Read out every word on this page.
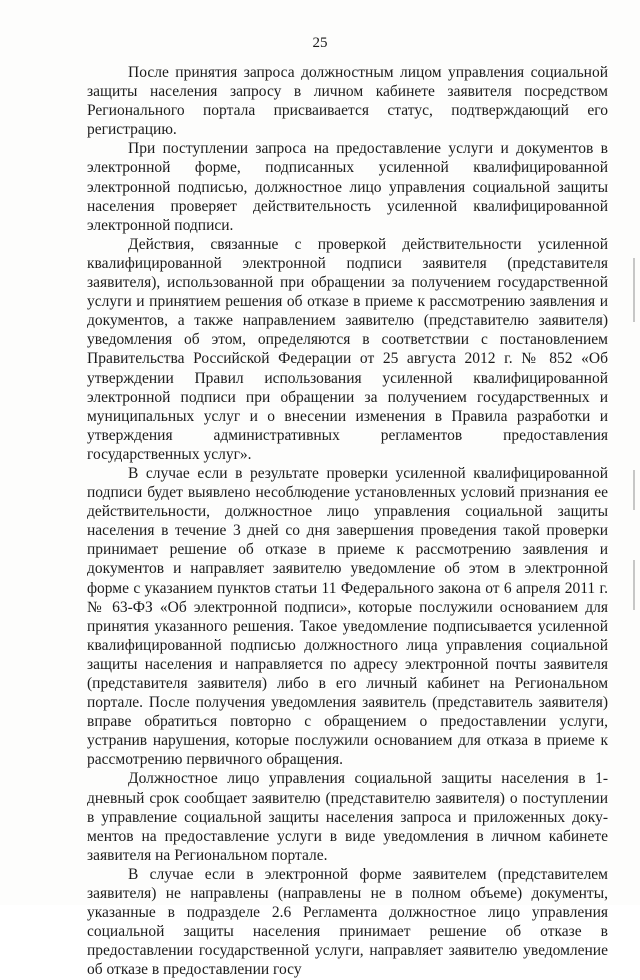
25

После принятия запроса должностным лицом управления социальной защиты населения запросу в личном кабинете заявителя посредством Регионального портала присваивается статус, подтверждающий его регистрацию.

При поступлении запроса на предоставление услуги и документов в электронной форме, подписанных усиленной квалифицированной электронной подписью, должностное лицо управления социальной защиты населения проверяет действительность усиленной квалифицированной электронной подписи.

Действия, связанные с проверкой действительности усиленной квалифицированной электронной подписи заявителя (представителя заявителя), использованной при обращении за получением государственной услуги и принятием решения об отказе в приеме к рассмотрению заявления и документов, а также направлением заявителю (представителю заявителя) уведомления об этом, определяются в соответствии с постановлением Правительства Российской Федерации от 25 августа 2012 г. № 852 «Об утверждении Правил использования усиленной квалифицированной электронной подписи при обращении за получением государственных и муниципальных услуг и о внесении изменения в Правила разработки и утверждения административных регламентов предоставления государственных услуг».

В случае если в результате проверки усиленной квалифицированной подписи будет выявлено несоблюдение установленных условий признания ее действительности, должностное лицо управления социальной защиты населения в течение 3 дней со дня завершения проведения такой проверки принимает решение об отказе в приеме к рассмотрению заявления и документов и направляет заявителю уведомление об этом в электронной форме с указанием пунктов статьи 11 Федерального закона от 6 апреля 2011 г. № 63-ФЗ «Об электронной подписи», которые послужили основанием для принятия указанного решения. Такое уведомление подписывается усиленной квалифицированной подписью должностного лица управления социальной защиты населения и направляется по адресу электронной почты заявителя (представителя заявителя) либо в его личный кабинет на Региональном портале. После получения уведомления заявитель (представитель заявителя) вправе обратиться повторно с обращением о предоставлении услуги, устранив нарушения, которые послужили основанием для отказа в приеме к рассмотрению первичного обращения.

Должностное лицо управления социальной защиты населения в 1-дневный срок сообщает заявителю (представителю заявителя) о поступлении в управление социальной защиты населения запроса и приложенных документов на предоставление услуги в виде уведомления в личном кабинете заявителя на Региональном портале.

В случае если в электронной форме заявителем (представителем заявителя) не направлены (направлены не в полном объеме) документы, указанные в подразделе 2.6 Регламента должностное лицо управления социальной защиты населения принимает решение об отказе в предоставлении государственной услуги, направляет заявителю уведомление об отказе в предоставлении госу
